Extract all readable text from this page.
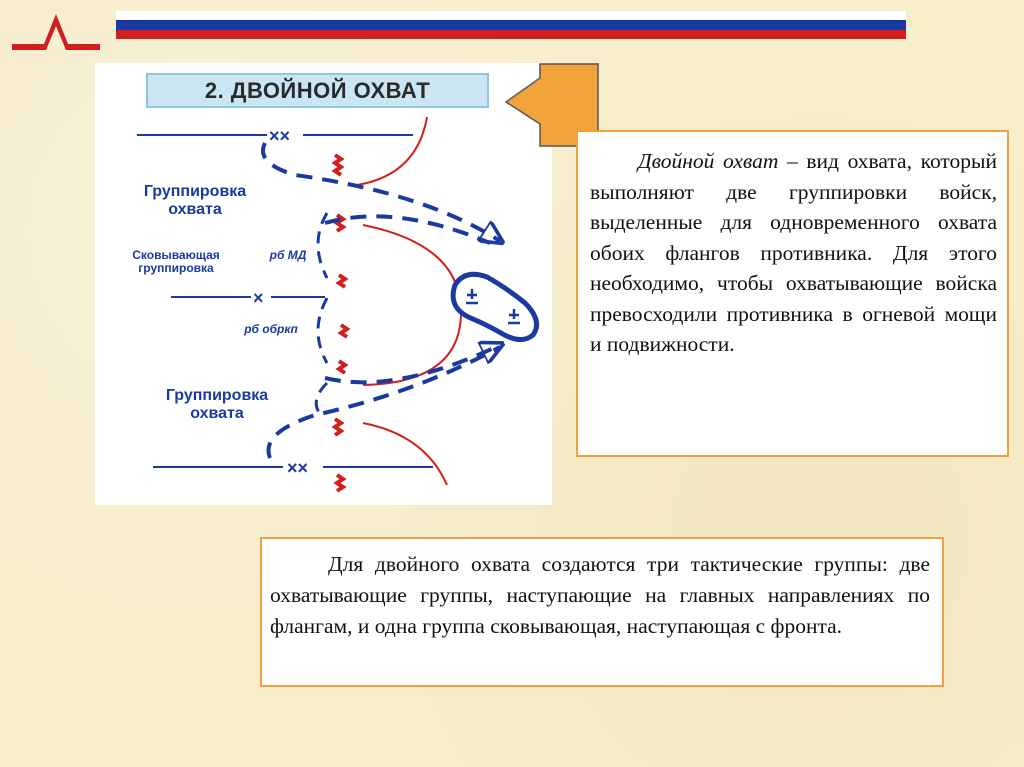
××
×
××
2. ДВОЙНОЙ ОХВАТ
Группировка охвата
Сковывающая группировка
рб МД
рб обркп
Группировка охвата
Двойной охват – вид охвата, который выполняют две группировки войск, выделенные для одновременного охвата обоих флангов противника. Для этого необходимо, чтобы охватывающие войска превосходили противника в огневой мощи и подвижности.
Для двойного охвата создаются три тактические группы: две охватывающие группы, наступающие на главных направлениях по флангам, и одна группа сковывающая, наступающая с фронта.
